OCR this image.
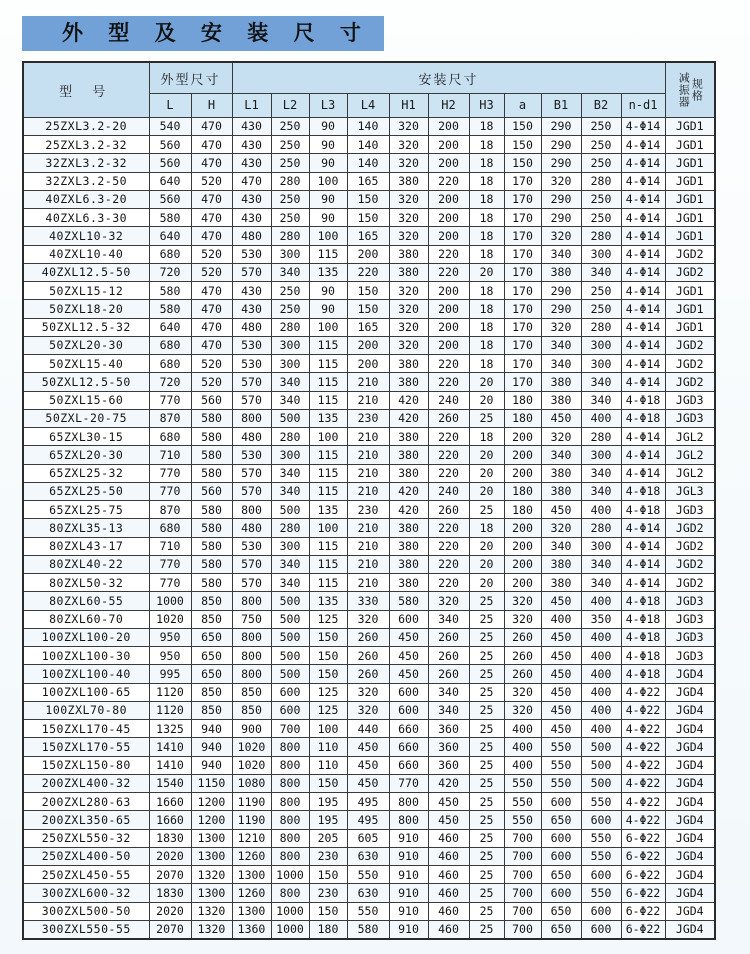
外 型 及 安 装 尺 寸
型 号	外型尺寸		安装尺寸											减振器 规格

	L	H	L1	L2	L3	L4	H1	H2	H3	a	B1	B2	n-d1	
25ZXL3.2-20	540	470	430	250	90	140	320	200	18	150	290	250	4-Φ14	JGD1
25ZXL3.2-32	560	470	430	250	90	140	320	200	18	150	290	250	4-Φ14	JGD1
32ZXL3.2-32	560	470	430	250	90	140	320	200	18	150	290	250	4-Φ14	JGD1
32ZXL3.2-50	640	520	470	280	100	165	380	220	18	170	320	280	4-Φ14	JGD1
40ZXL6.3-20	560	470	430	250	90	150	320	200	18	170	290	250	4-Φ14	JGD1
40ZXL6.3-30	580	470	430	250	90	150	320	200	18	170	290	250	4-Φ14	JGD1
40ZXL10-32	640	470	480	280	100	165	320	200	18	170	320	280	4-Φ14	JGD1
40ZXL10-40	680	520	530	300	115	200	380	220	18	170	340	300	4-Φ14	JGD2
40ZXL12.5-50	720	520	570	340	135	220	380	220	20	170	380	340	4-Φ14	JGD2
50ZXL15-12	580	470	430	250	90	150	320	200	18	170	290	250	4-Φ14	JGD1
50ZXL18-20	580	470	430	250	90	150	320	200	18	170	290	250	4-Φ14	JGD1
50ZXL12.5-32	640	470	480	280	100	165	320	200	18	170	320	280	4-Φ14	JGD1
50ZXL20-30	680	470	530	300	115	200	320	200	18	170	340	300	4-Φ14	JGD2
50ZXL15-40	680	520	530	300	115	200	380	220	18	170	340	300	4-Φ14	JGD2
50ZXL12.5-50	720	520	570	340	115	210	380	220	20	170	380	340	4-Φ14	JGD2
50ZXL15-60	770	560	570	340	115	210	420	240	20	180	380	340	4-Φ18	JGD3
50ZXL-20-75	870	580	800	500	135	230	420	260	25	180	450	400	4-Φ18	JGD3
65ZXL30-15	680	580	480	280	100	210	380	220	18	200	320	280	4-Φ14	JGL2
65ZXL20-30	710	580	530	300	115	210	380	220	20	200	340	300	4-Φ14	JGL2
65ZXL25-32	770	580	570	340	115	210	380	220	20	200	380	340	4-Φ14	JGL2
65ZXL25-50	770	560	570	340	115	210	420	240	20	180	380	340	4-Φ18	JGL3
65ZXL25-75	870	580	800	500	135	230	420	260	25	180	450	400	4-Φ18	JGD3
80ZXL35-13	680	580	480	280	100	210	380	220	18	200	320	280	4-Φ14	JGD2
80ZXL43-17	710	580	530	300	115	210	380	220	20	200	340	300	4-Φ14	JGD2
80ZXL40-22	770	580	570	340	115	210	380	220	20	200	380	340	4-Φ14	JGD2
80ZXL50-32	770	580	570	340	115	210	380	220	20	200	380	340	4-Φ14	JGD2
80ZXL60-55	1000	850	800	500	135	330	580	320	25	320	450	400	4-Φ18	JGD3
80ZXL60-70	1020	850	750	500	125	320	600	340	25	320	400	350	4-Φ18	JGD3
100ZXL100-20	950	650	800	500	150	260	450	260	25	260	450	400	4-Φ18	JGD3
100ZXL100-30	950	650	800	500	150	260	450	260	25	260	450	400	4-Φ18	JGD3
100ZXL100-40	995	650	800	500	150	260	450	260	25	260	450	400	4-Φ18	JGD4
100ZXL100-65	1120	850	850	600	125	320	600	340	25	320	450	400	4-Φ22	JGD4
100ZXL70-80	1120	850	850	600	125	320	600	340	25	320	450	400	4-Φ22	JGD4
150ZXL170-45	1325	940	900	700	100	440	660	360	25	400	450	400	4-Φ22	JGD4
150ZXL170-55	1410	940	1020	800	110	450	660	360	25	400	550	500	4-Φ22	JGD4
150ZXL150-80	1410	940	1020	800	110	450	660	360	25	400	550	500	4-Φ22	JGD4
200ZXL400-32	1540	1150	1080	800	150	450	770	420	25	550	550	500	4-Φ22	JGD4
200ZXL280-63	1660	1200	1190	800	195	495	800	450	25	550	600	550	4-Φ22	JGD4
200ZXL350-65	1660	1200	1190	800	195	495	800	450	25	550	650	600	4-Φ22	JGD4
250ZXL550-32	1830	1300	1210	800	205	605	910	460	25	700	600	550	6-Φ22	JGD4
250ZXL400-50	2020	1300	1260	800	230	630	910	460	25	700	600	550	6-Φ22	JGD4
250ZXL450-55	2070	1320	1300	1000	150	550	910	460	25	700	650	600	6-Φ22	JGD4
300ZXL600-32	1830	1300	1260	800	230	630	910	460	25	700	600	550	6-Φ22	JGD4
300ZXL500-50	2020	1320	1300	1000	150	550	910	460	25	700	650	600	6-Φ22	JGD4
300ZXL550-55	2070	1320	1360	1000	180	580	910	460	25	700	650	600	6-Φ22	JGD4
